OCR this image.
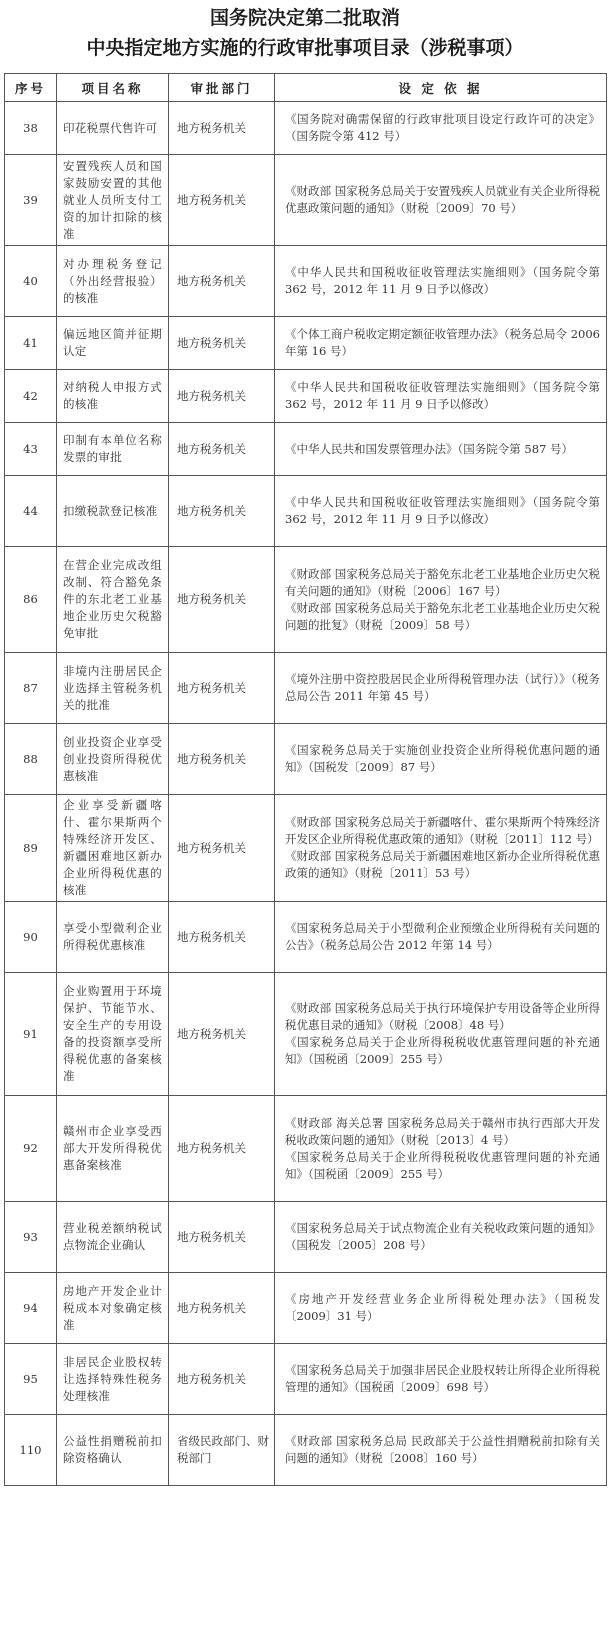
国务院决定第二批取消
中央指定地方实施的行政审批事项目录（涉税事项）
序号	项目名称	审批部门	设 定 依 据
38	印花税票代售许可	地方税务机关	《国务院对确需保留的行政审批项目设定行政许可的决定》（国务院令第 412 号）
39	安置残疾人员和国家鼓励安置的其他就业人员所支付工资的加计扣除的核准	地方税务机关	《财政部 国家税务总局关于安置残疾人员就业有关企业所得税优惠政策问题的通知》（财税〔2009〕70 号）
40	对办理税务登记（外出经营报验）的核准	地方税务机关	《中华人民共和国税收征收管理法实施细则》（国务院令第 362 号，2012 年 11 月 9 日予以修改）
41	偏远地区简并征期认定	地方税务机关	《个体工商户税收定期定额征收管理办法》（税务总局令 2006 年第 16 号）
42	对纳税人申报方式的核准	地方税务机关	《中华人民共和国税收征收管理法实施细则》（国务院令第 362 号，2012 年 11 月 9 日予以修改）
43	印制有本单位名称发票的审批	地方税务机关	《中华人民共和国发票管理办法》（国务院令第 587 号）
44	扣缴税款登记核准	地方税务机关	《中华人民共和国税收征收管理法实施细则》（国务院令第 362 号，2012 年 11 月 9 日予以修改）
86	在营企业完成改组改制、符合豁免条件的东北老工业基地企业历史欠税豁免审批	地方税务机关	《财政部 国家税务总局关于豁免东北老工业基地企业历史欠税有关问题的通知》（财税〔2006〕167 号）
《财政部 国家税务总局关于豁免东北老工业基地企业历史欠税问题的批复》（财税〔2009〕58 号）
87	非境内注册居民企业选择主管税务机关的批准	地方税务机关	《境外注册中资控股居民企业所得税管理办法（试行）》（税务总局公告 2011 年第 45 号）
88	创业投资企业享受创业投资所得税优惠核准	地方税务机关	《国家税务总局关于实施创业投资企业所得税优惠问题的通知》（国税发〔2009〕87 号）
89	企业享受新疆喀什、霍尔果斯两个特殊经济开发区、新疆困难地区新办企业所得税优惠的核准	地方税务机关	《财政部 国家税务总局关于新疆喀什、霍尔果斯两个特殊经济开发区企业所得税优惠政策的通知》（财税〔2011〕112 号）
《财政部 国家税务总局关于新疆困难地区新办企业所得税优惠政策的通知》（财税〔2011〕53 号）
90	享受小型微利企业所得税优惠核准	地方税务机关	《国家税务总局关于小型微利企业预缴企业所得税有关问题的公告》（税务总局公告 2012 年第 14 号）
91	企业购置用于环境保护、节能节水、安全生产的专用设备的投资额享受所得税优惠的备案核准	地方税务机关	《财政部 国家税务总局关于执行环境保护专用设备等企业所得税优惠目录的通知》（财税〔2008〕48 号）
《国家税务总局关于企业所得税税收优惠管理问题的补充通知》（国税函〔2009〕255 号）
92	赣州市企业享受西部大开发所得税优惠备案核准	地方税务机关	《财政部 海关总署 国家税务总局关于赣州市执行西部大开发税收政策问题的通知》（财税〔2013〕4 号）
《国家税务总局关于企业所得税税收优惠管理问题的补充通知》（国税函〔2009〕255 号）
93	营业税差额纳税试点物流企业确认	地方税务机关	《国家税务总局关于试点物流企业有关税收政策问题的通知》（国税发〔2005〕208 号）
94	房地产开发企业计税成本对象确定核准	地方税务机关	《房地产开发经营业务企业所得税处理办法》（国税发〔2009〕31 号）
95	非居民企业股权转让选择特殊性税务处理核准	地方税务机关	《国家税务总局关于加强非居民企业股权转让所得企业所得税管理的通知》（国税函〔2009〕698 号）
110	公益性捐赠税前扣除资格确认	省级民政部门、财税部门	《财政部 国家税务总局 民政部关于公益性捐赠税前扣除有关问题的通知》（财税〔2008〕160 号）
